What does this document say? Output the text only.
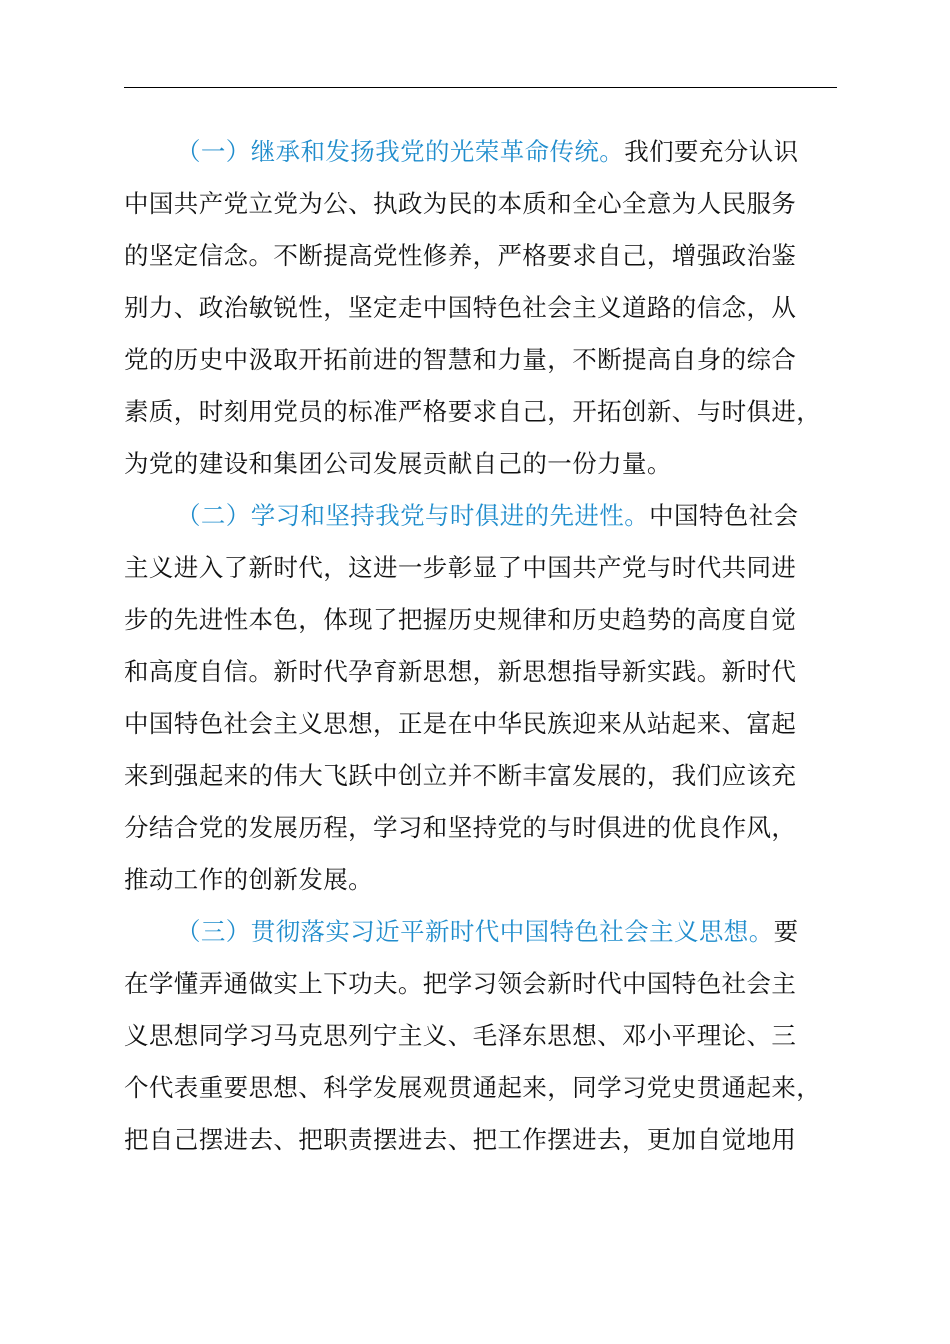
（一）继承和发扬我党的光荣革命传统。我们要充分认识
中国共产党立党为公、执政为民的本质和全心全意为人民服务
的坚定信念。不断提高党性修养，严格要求自己，增强政治鉴
别力、政治敏锐性，坚定走中国特色社会主义道路的信念，从
党的历史中汲取开拓前进的智慧和力量，不断提高自身的综合
素质，时刻用党员的标准严格要求自己，开拓创新、与时俱进，
为党的建设和集团公司发展贡献自己的一份力量。
（二）学习和坚持我党与时俱进的先进性。中国特色社会
主义进入了新时代，这进一步彰显了中国共产党与时代共同进
步的先进性本色，体现了把握历史规律和历史趋势的高度自觉
和高度自信。新时代孕育新思想，新思想指导新实践。新时代
中国特色社会主义思想，正是在中华民族迎来从站起来、富起
来到强起来的伟大飞跃中创立并不断丰富发展的，我们应该充
分结合党的发展历程，学习和坚持党的与时俱进的优良作风，
推动工作的创新发展。
（三）贯彻落实习近平新时代中国特色社会主义思想。要
在学懂弄通做实上下功夫。把学习领会新时代中国特色社会主
义思想同学习马克思列宁主义、毛泽东思想、邓小平理论、三
个代表重要思想、科学发展观贯通起来，同学习党史贯通起来，
把自己摆进去、把职责摆进去、把工作摆进去，更加自觉地用
